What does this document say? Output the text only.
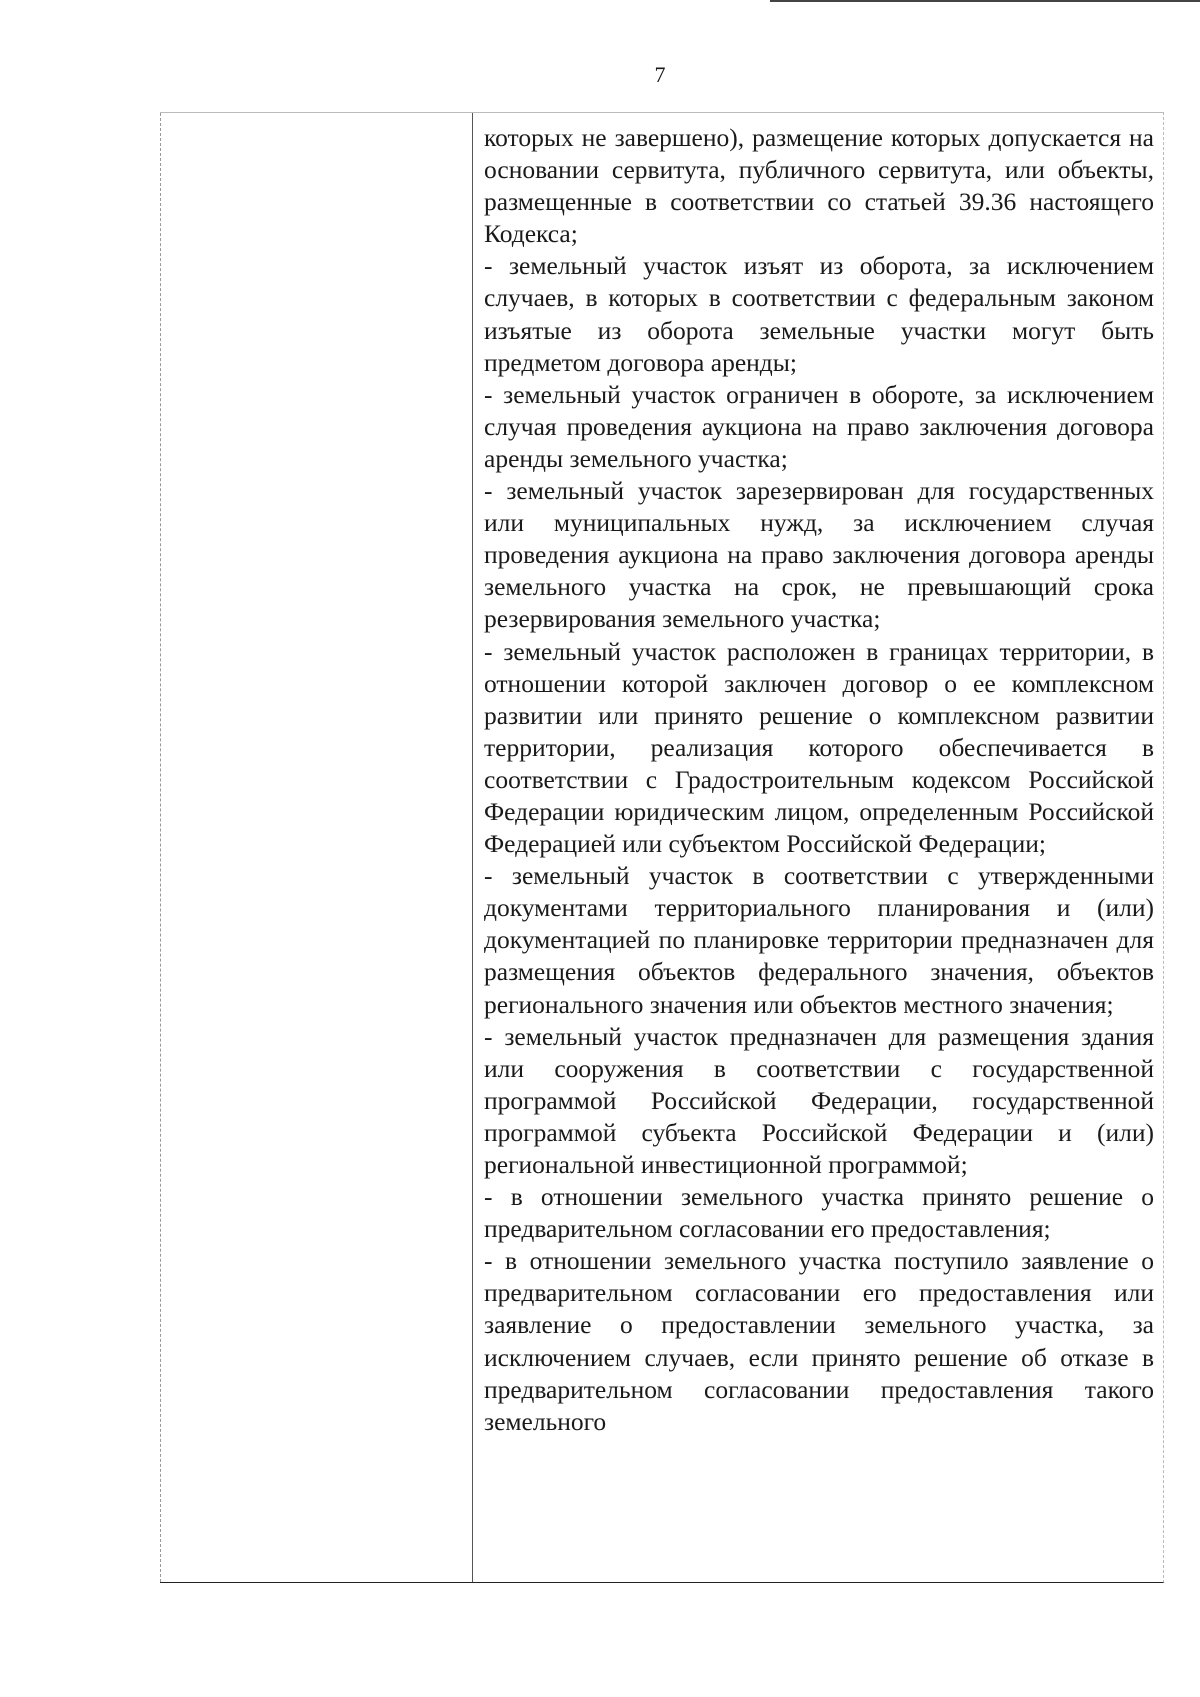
7
которых не завершено), размещение которых допускается на основании сервитута, публичного сервитута, или объекты, размещенные в соответствии со статьей 39.36 настоящего Кодекса;
- земельный участок изъят из оборота, за исключением случаев, в которых в соответствии с федеральным законом изъятые из оборота земельные участки могут быть предметом договора аренды;
- земельный участок ограничен в обороте, за исключением случая проведения аукциона на право заключения договора аренды земельного участка;
- земельный участок зарезервирован для государственных или муниципальных нужд, за исключением случая проведения аукциона на право заключения договора аренды земельного участка на срок, не превышающий срока резервирования земельного участка;
- земельный участок расположен в границах территории, в отношении которой заключен договор о ее комплексном развитии или принято решение о комплексном развитии территории, реализация которого обеспечивается в соответствии с Градостроительным кодексом Российской Федерации юридическим лицом, определенным Российской Федерацией или субъектом Российской Федерации;
- земельный участок в соответствии с утвержденными документами территориального планирования и (или) документацией по планировке территории предназначен для размещения объектов федерального значения, объектов регионального значения или объектов местного значения;
- земельный участок предназначен для размещения здания или сооружения в соответствии с государственной программой Российской Федерации, государственной программой субъекта Российской Федерации и (или) региональной инвестиционной программой;
- в отношении земельного участка принято решение о предварительном согласовании его предоставления;
- в отношении земельного участка поступило заявление о предварительном согласовании его предоставления или заявление о предоставлении земельного участка, за исключением случаев, если принято решение об отказе в предварительном согласовании предоставления такого земельного
